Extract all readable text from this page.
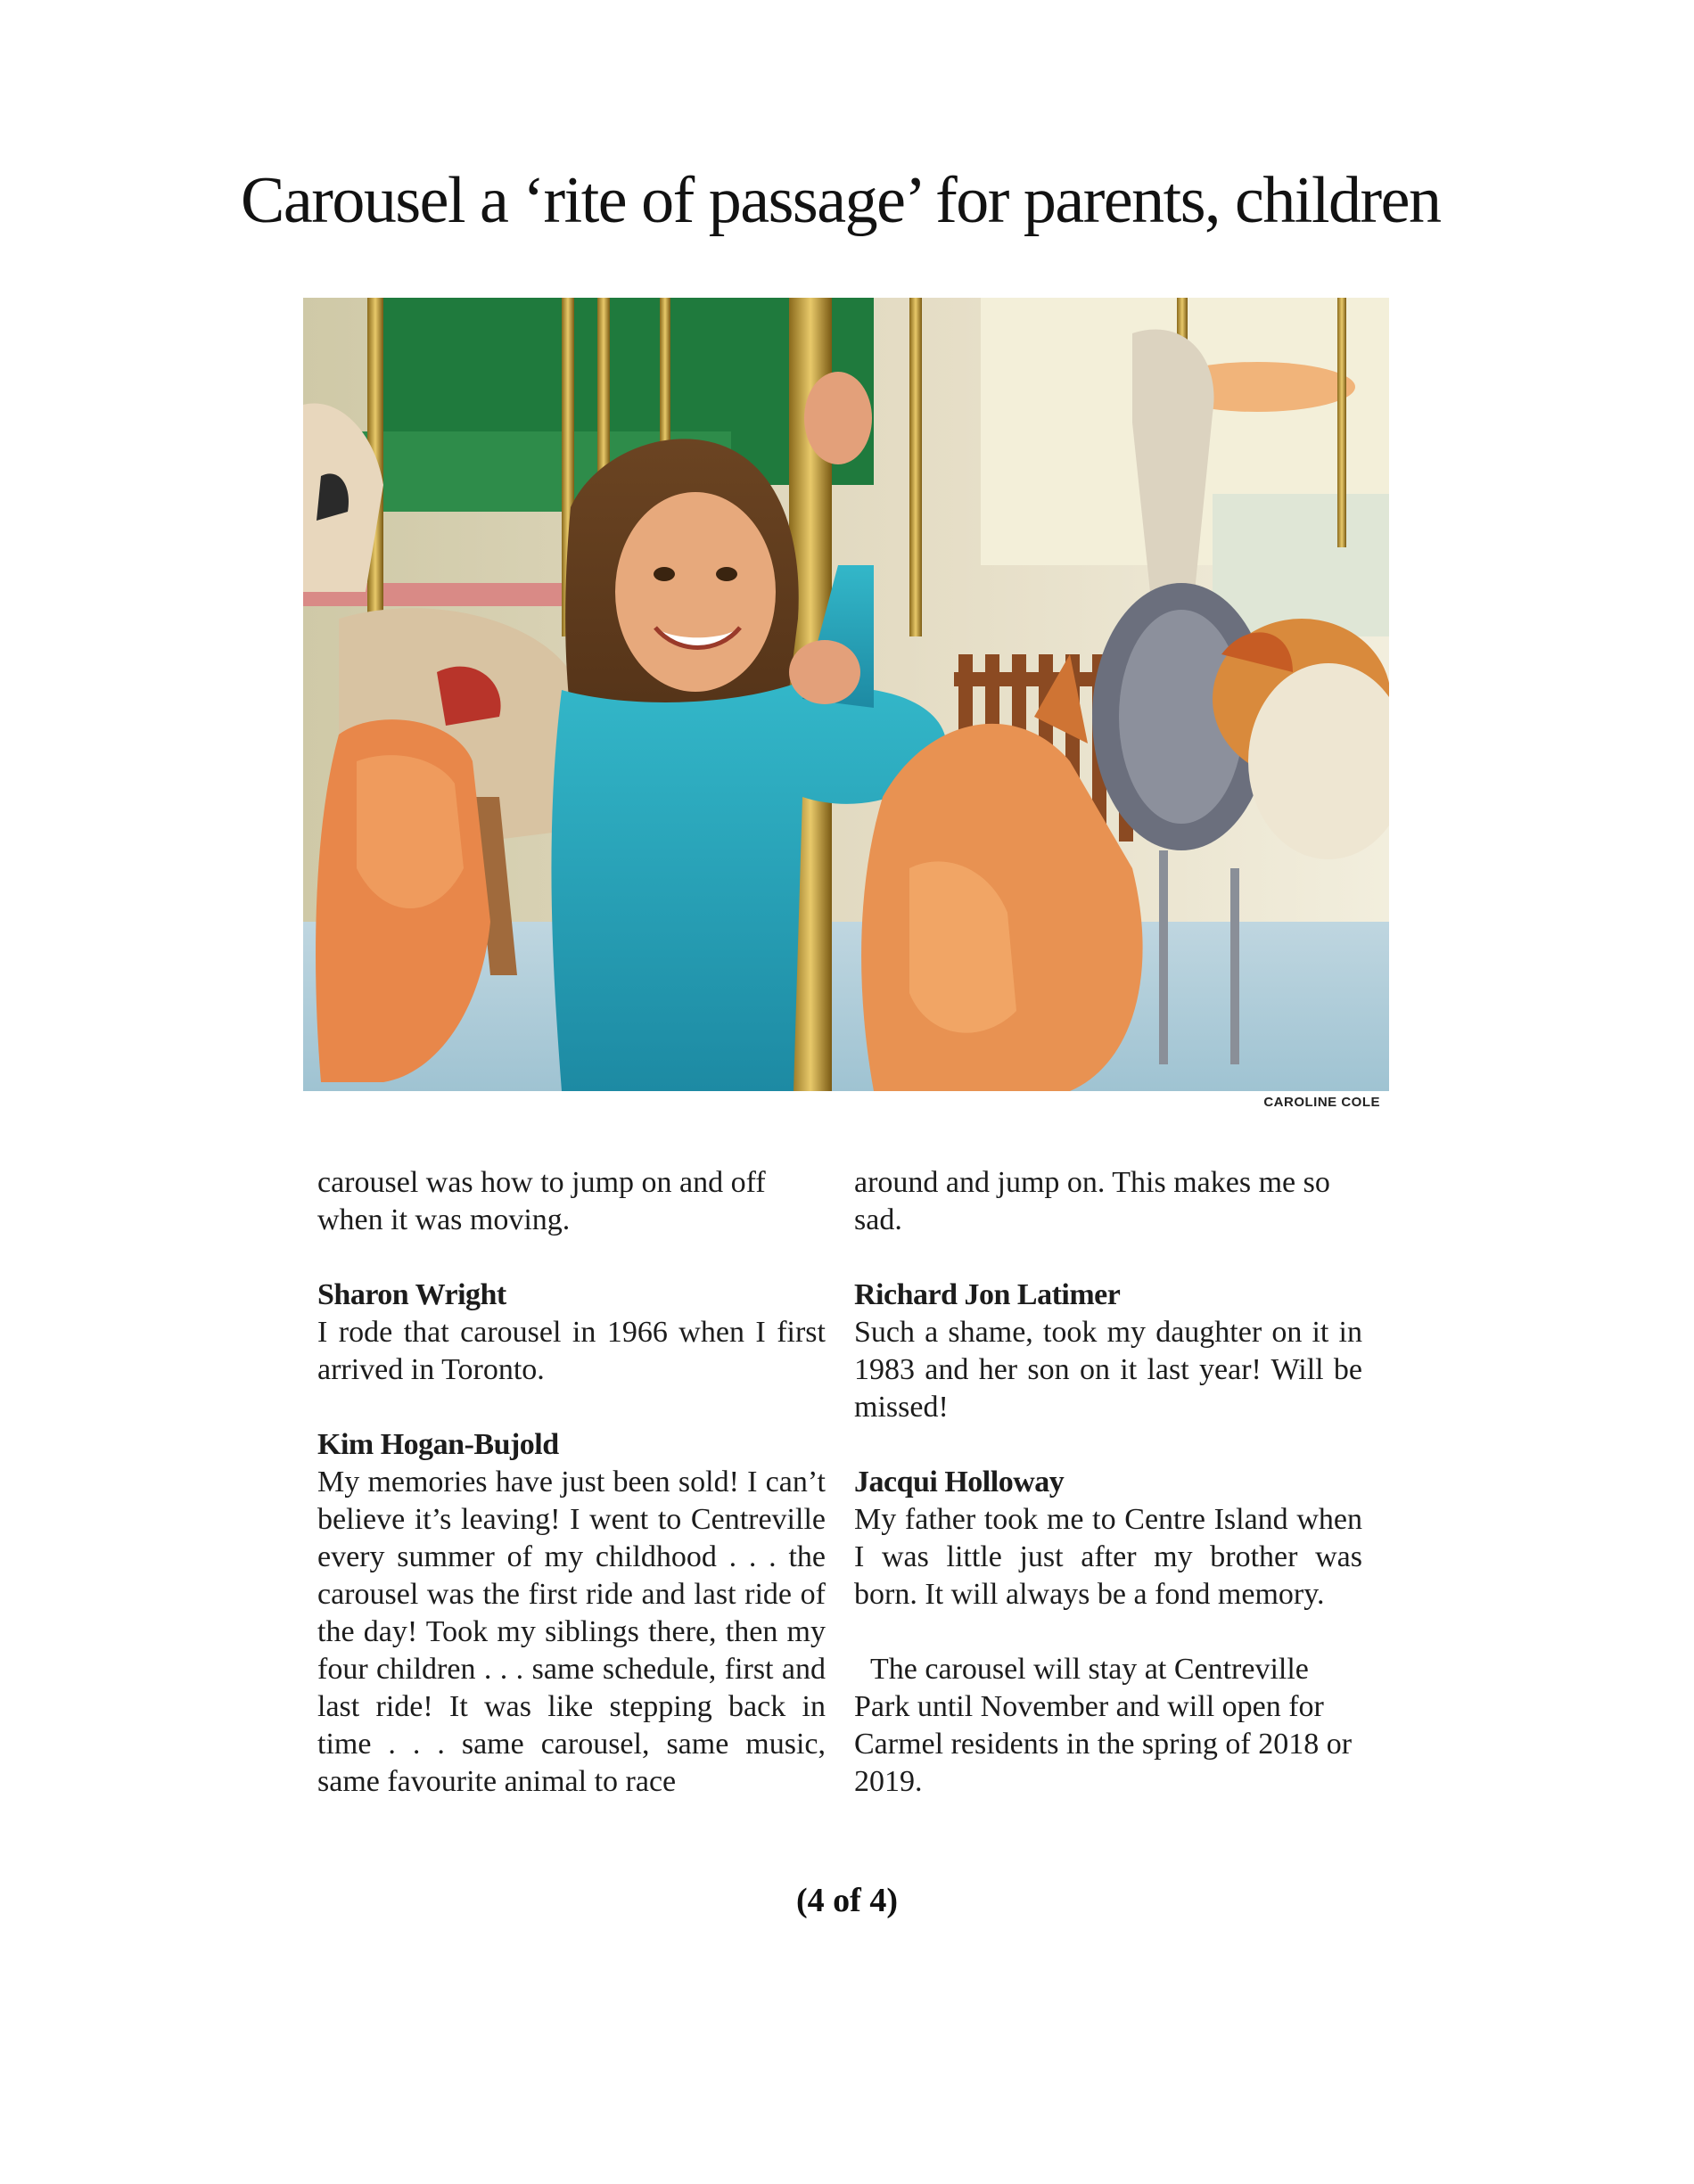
Carousel a ‘rite of passage’ for parents, children
CAROLINE COLE

carousel was how to jump on and off when it was moving.

Sharon Wright
I rode that carousel in 1966 when I first arrived in Toronto.
Kim Hogan-Bujold
My memories have just been sold! I can’t believe it’s leaving! I went to Centreville every summer of my childhood . . . the carousel was the first ride and last ride of the day! Took my siblings there, then my four children . . . same schedule, first and last ride! It was like stepping back in time . . . same carousel, same music, same favourite animal to race

around and jump on. This makes me so sad.

Richard Jon Latimer
Such a shame, took my daughter on it in 1983 and her son on it last year! Will be missed!
Jacqui Holloway
My father took me to Centre Island when I was little just after my brother was born. It will always be a fond memory.

The carousel will stay at Centreville Park until November and will open for Carmel residents in the spring of 2018 or 2019.

(4 of 4)
